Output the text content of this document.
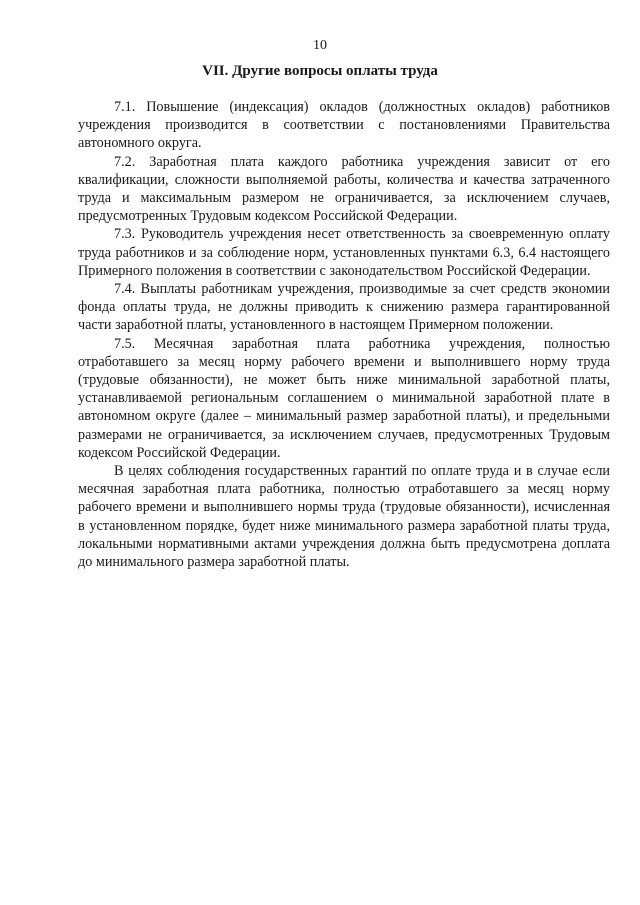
10
VII. Другие вопросы оплаты труда

7.1. Повышение (индексация) окладов (должностных окладов) работников учреждения производится в соответствии с постановлениями Правительства автономного округа.

7.2. Заработная плата каждого работника учреждения зависит от его квалификации, сложности выполняемой работы, количества и качества затраченного труда и максимальным размером не ограничивается, за исключением случаев, предусмотренных Трудовым кодексом Российской Федерации.

7.3. Руководитель учреждения несет ответственность за своевременную оплату труда работников и за соблюдение норм, установленных пунктами 6.3, 6.4 настоящего Примерного положения в соответствии с законодательством Российской Федерации.

7.4. Выплаты работникам учреждения, производимые за счет средств экономии фонда оплаты труда, не должны приводить к снижению размера гарантированной части заработной платы, установленного в настоящем Примерном положении.

7.5. Месячная заработная плата работника учреждения, полностью отработавшего за месяц норму рабочего времени и выполнившего норму труда (трудовые обязанности), не может быть ниже минимальной заработной платы, устанавливаемой региональным соглашением о минимальной заработной плате в автономном округе (далее – минимальный размер заработной платы), и предельными размерами не ограничивается, за исключением случаев, предусмотренных Трудовым кодексом Российской Федерации.

В целях соблюдения государственных гарантий по оплате труда и в случае если месячная заработная плата работника, полностью отработавшего за месяц норму рабочего времени и выполнившего нормы труда (трудовые обязанности), исчисленная в установленном порядке, будет ниже минимального размера заработной платы труда, локальными нормативными актами учреждения должна быть предусмотрена доплата до минимального размера заработной платы.
